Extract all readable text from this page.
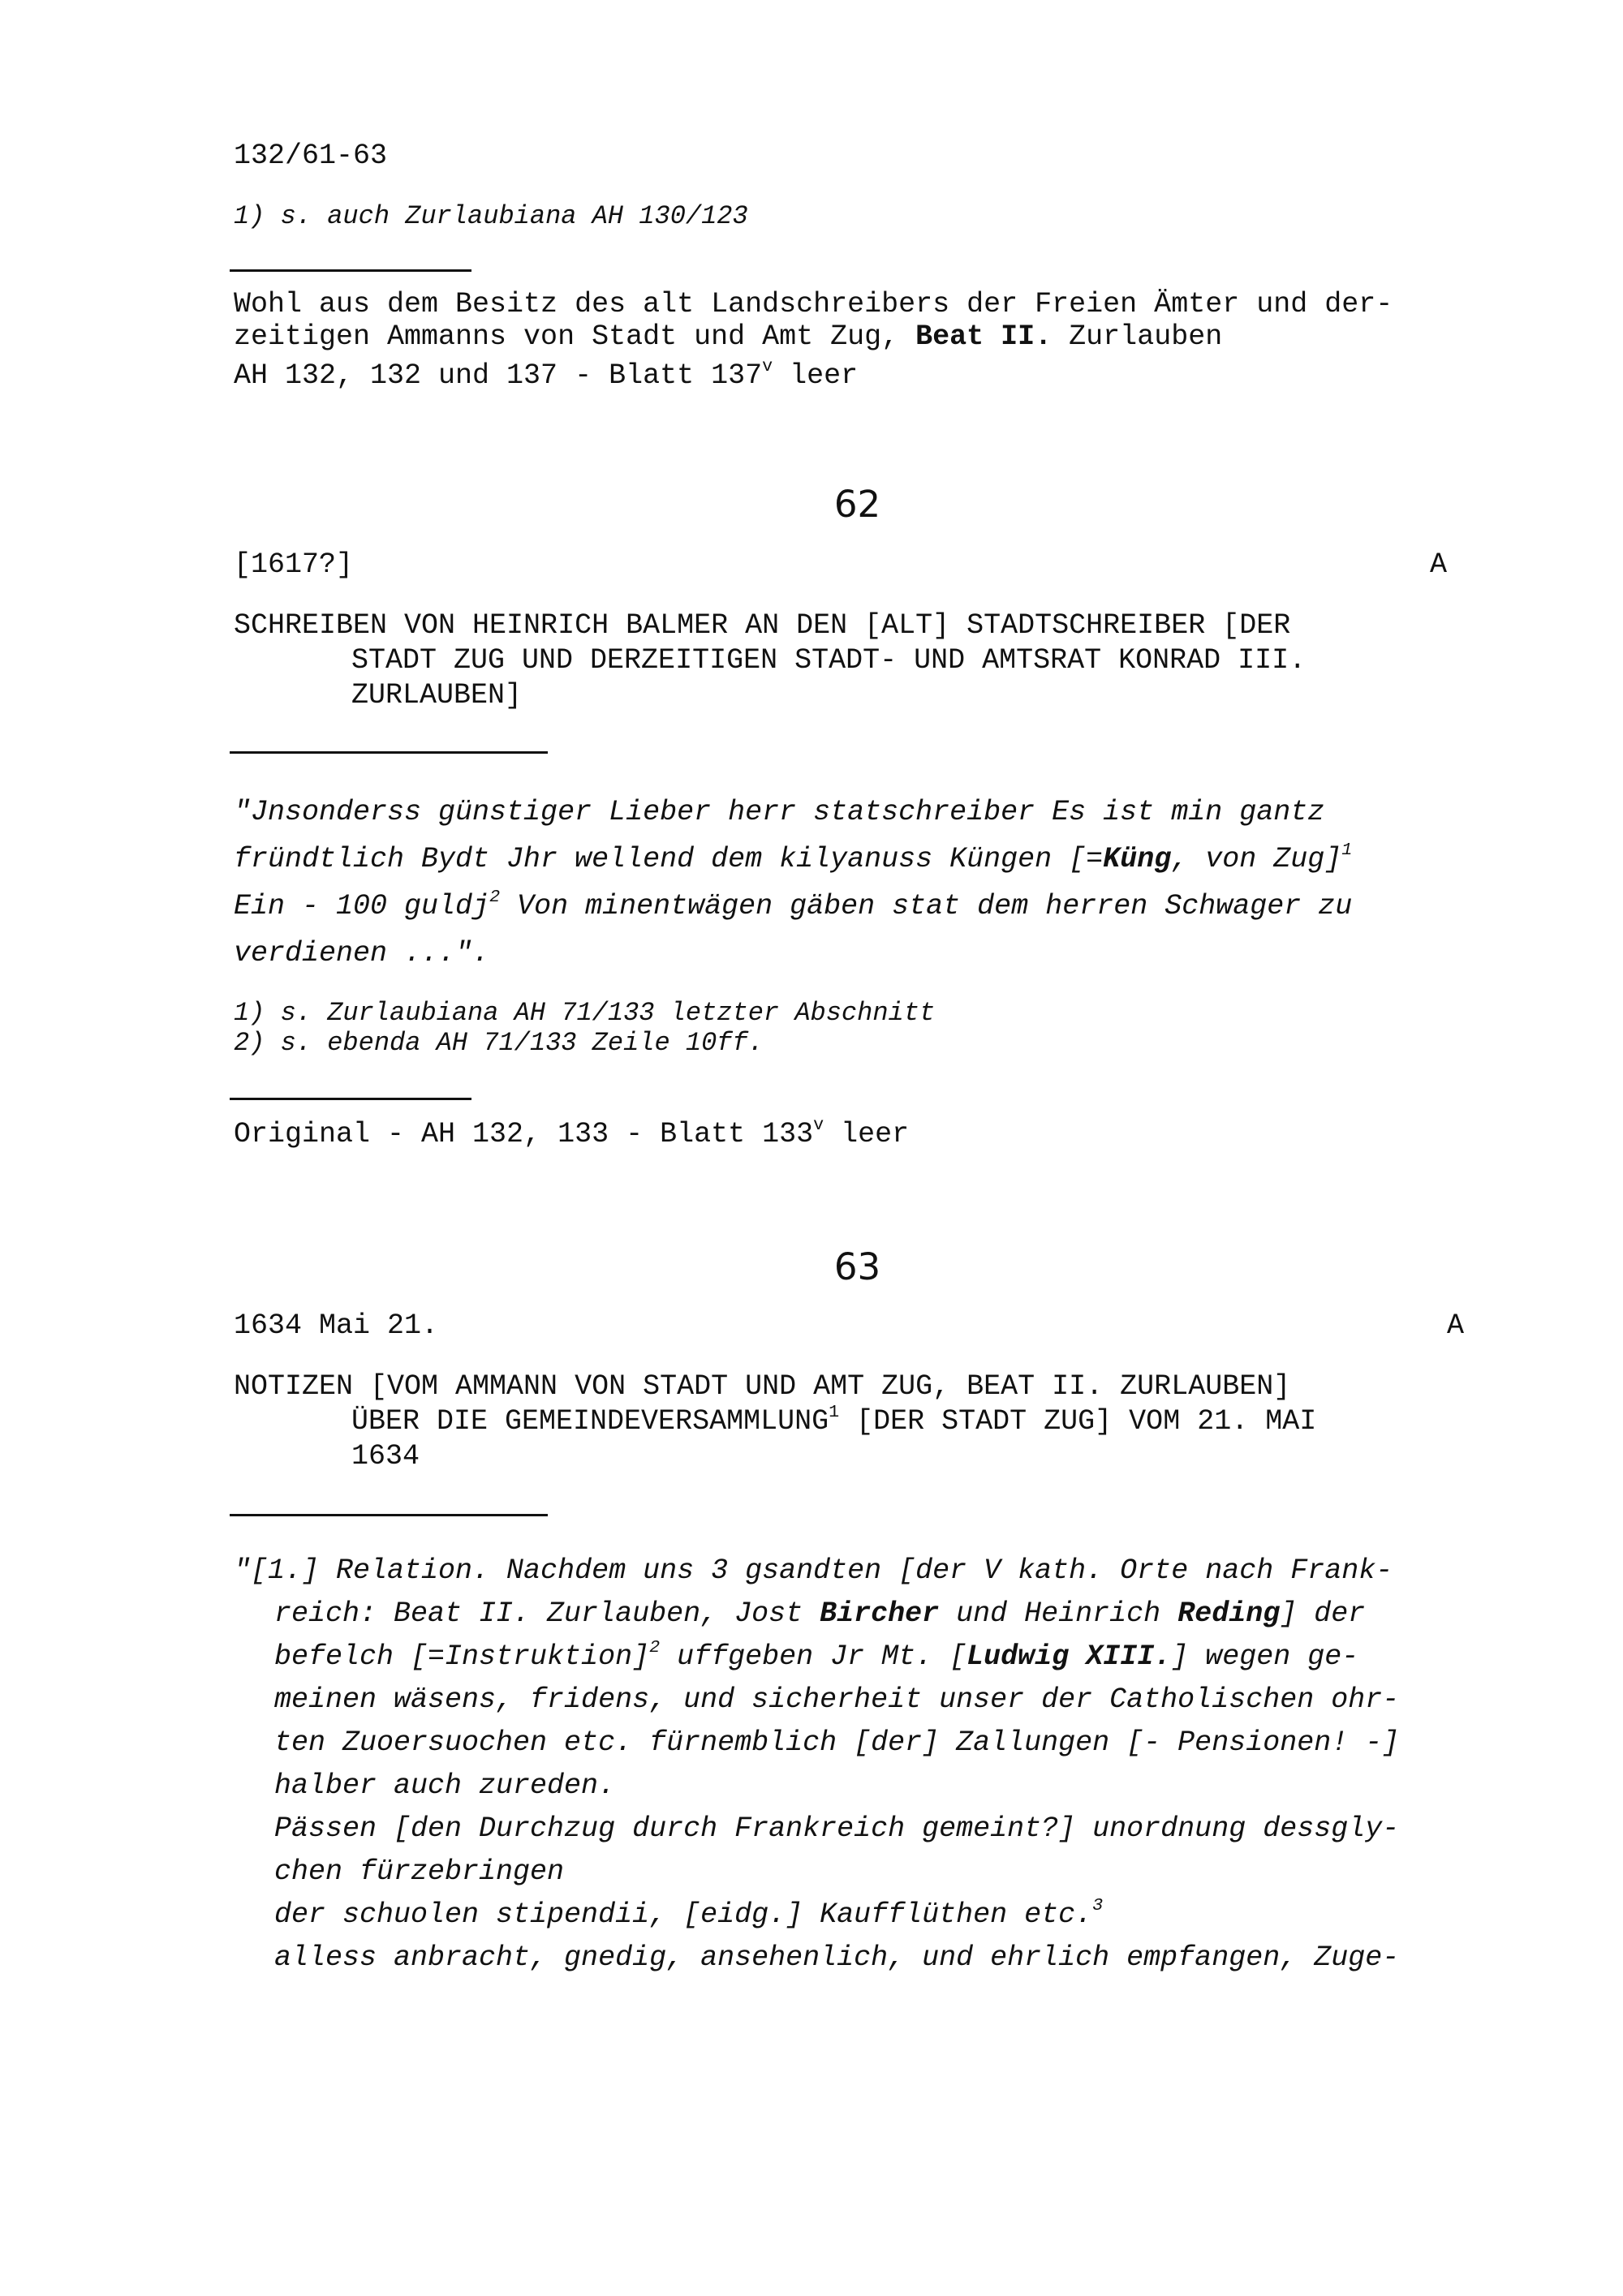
132/61-63
1) s. auch Zurlaubiana AH 130/123
Wohl aus dem Besitz des alt Landschreibers der Freien Ämter und der-
zeitigen Ammanns von Stadt und Amt Zug, Beat II. Zurlauben
AH 132, 132 und 137 - Blatt 137$^v$ leer
62
[1617?]	A
SCHREIBEN VON HEINRICH BALMER AN DEN [ALT] STADTSCHREIBER [DER
STADT ZUG UND DERZEITIGEN STADT- UND AMTSRAT KONRAD III.
ZURLAUBEN]
"Jnsonderss günstiger Lieber herr statschreiber Es ist min gantz
fründtlich Bydt Jhr wellend dem kilyanuss Küngen [=Küng, von Zug]$^1$
Ein - 100 guldj$^2$ Von minentwägen gäben stat dem herren Schwager zu
verdienen ...".
1) s. Zurlaubiana AH 71/133 letzter Abschnitt
2) s. ebenda AH 71/133 Zeile 10ff.
Original - AH 132, 133 - Blatt 133$^v$ leer
63
1634 Mai 21.	A
NOTIZEN [VOM AMMANN VON STADT UND AMT ZUG, BEAT II. ZURLAUBEN]
ÜBER DIE GEMEINDEVERSAMMLUNG$^1$ [DER STADT ZUG] VOM 21. MAI
1634
"[1.] Relation. Nachdem uns 3 gsandten [der V kath. Orte nach Frank-
reich: Beat II. Zurlauben, Jost Bircher und Heinrich Reding] der
befelch [=Instruktion]$^2$ uffgeben Jr Mt. [Ludwig XIII.] wegen ge-
meinen wäsens, fridens, und sicherheit unser der Catholischen ohr-
ten Zuoersuochen etc. fürnemblich [der] Zallungen [- Pensionen! -]
halber auch zureden.
Pässen [den Durchzug durch Frankreich gemeint?] unordnung dessgly-
chen fürzebringen
der schuolen stipendii, [eidg.] Kaufflüthen etc.$^3$
alless anbracht, gnedig, ansehenlich, und ehrlich empfangen, Zuge-
